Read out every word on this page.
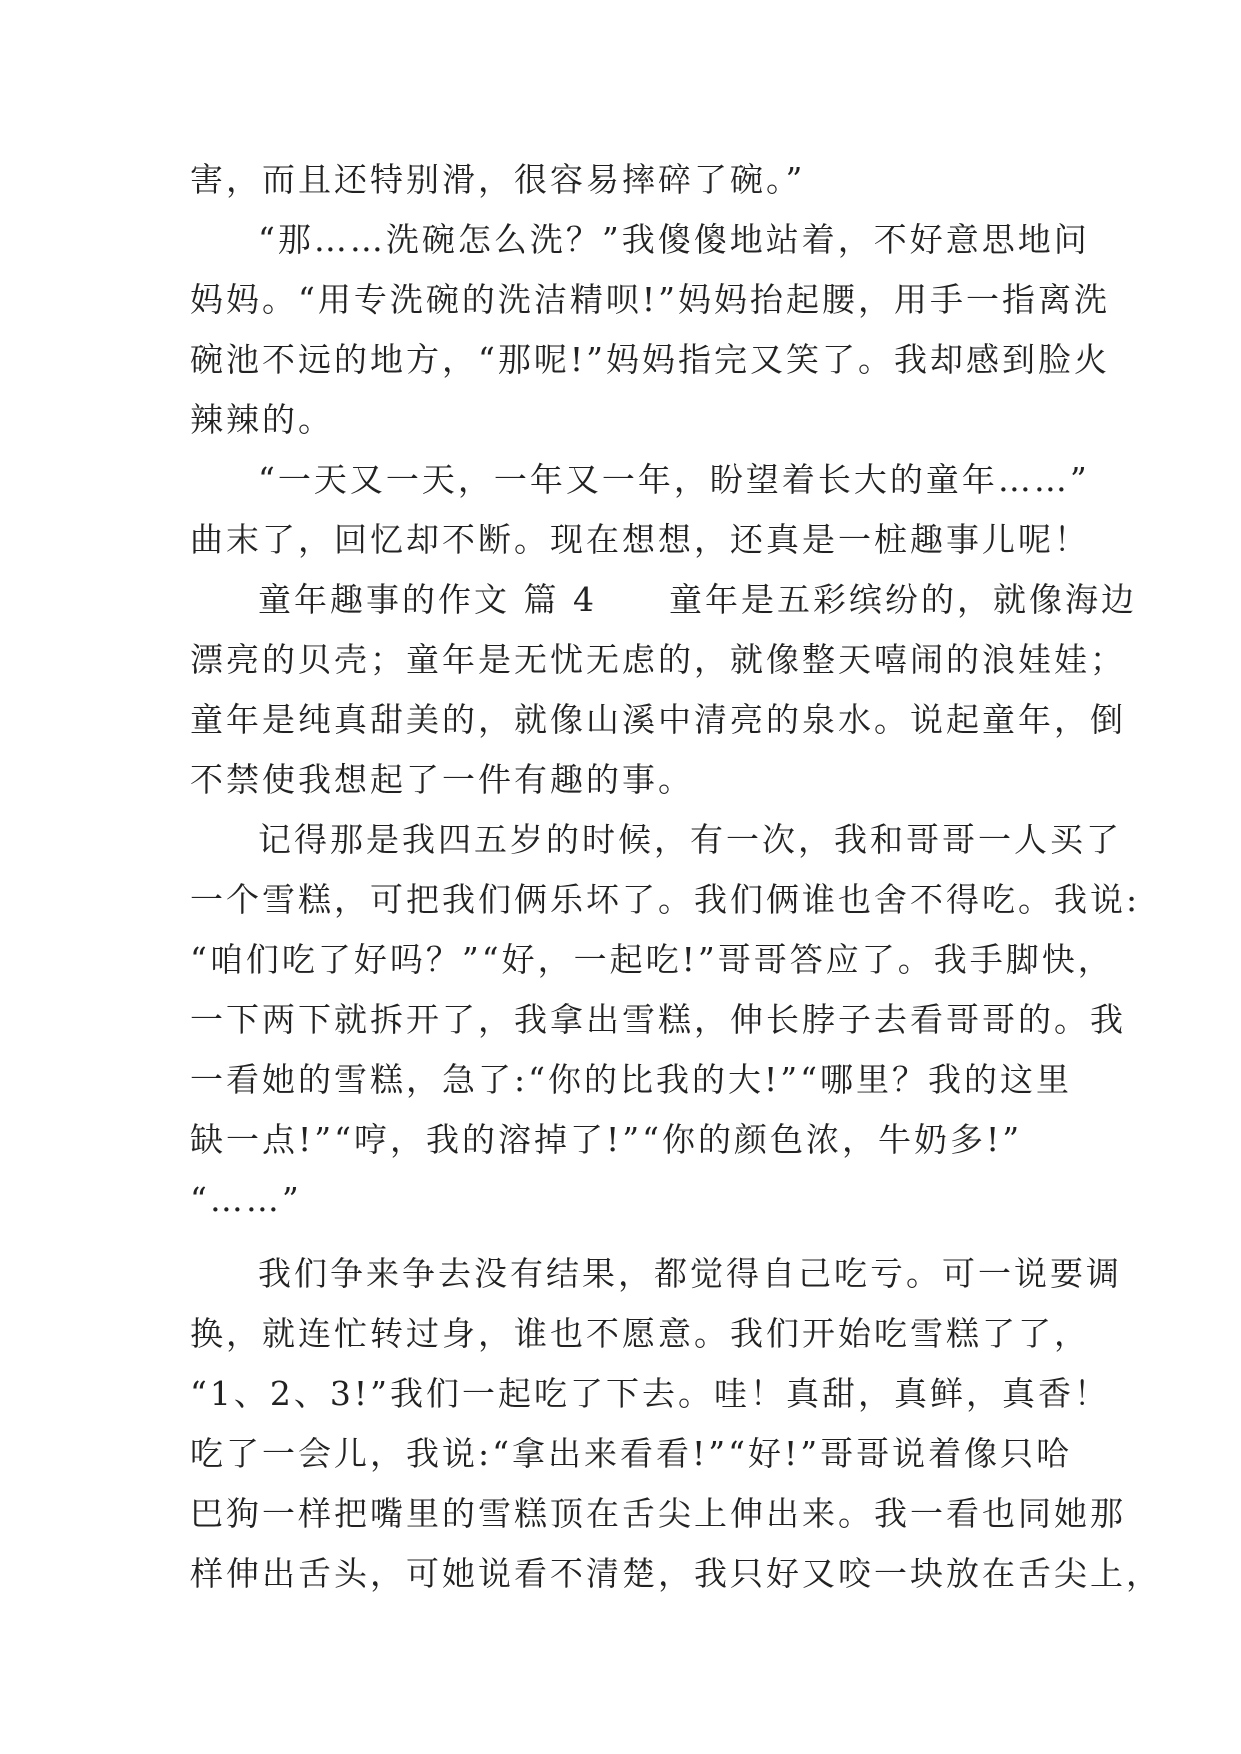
害，而且还特别滑，很容易摔碎了碗。”
“那……洗碗怎么洗？”我傻傻地站着，不好意思地问
妈妈。“用专洗碗的洗洁精呗!”妈妈抬起腰，用手一指离洗
碗池不远的地方，“那呢!”妈妈指完又笑了。我却感到脸火
辣辣的。
“一天又一天，一年又一年，盼望着长大的童年……”
曲末了，回忆却不断。现在想想，还真是一桩趣事儿呢！
童年趣事的作文 篇 4　　童年是五彩缤纷的，就像海边
漂亮的贝壳；童年是无忧无虑的，就像整天嘻闹的浪娃娃；
童年是纯真甜美的，就像山溪中清亮的泉水。说起童年，倒
不禁使我想起了一件有趣的事。
记得那是我四五岁的时候，有一次，我和哥哥一人买了
一个雪糕，可把我们俩乐坏了。我们俩谁也舍不得吃。我说:
“咱们吃了好吗？”“好，一起吃!”哥哥答应了。我手脚快，
一下两下就拆开了，我拿出雪糕，伸长脖子去看哥哥的。我
一看她的雪糕，急了:“你的比我的大!”“哪里？我的这里
缺一点!”“哼，我的溶掉了!”“你的颜色浓，牛奶多!”
“……”
我们争来争去没有结果，都觉得自己吃亏。可一说要调
换，就连忙转过身，谁也不愿意。我们开始吃雪糕了了，
“1、2、3!”我们一起吃了下去。哇！真甜，真鲜，真香！
吃了一会儿，我说:“拿出来看看!”“好!”哥哥说着像只哈
巴狗一样把嘴里的雪糕顶在舌尖上伸出来。我一看也同她那
样伸出舌头，可她说看不清楚，我只好又咬一块放在舌尖上，
